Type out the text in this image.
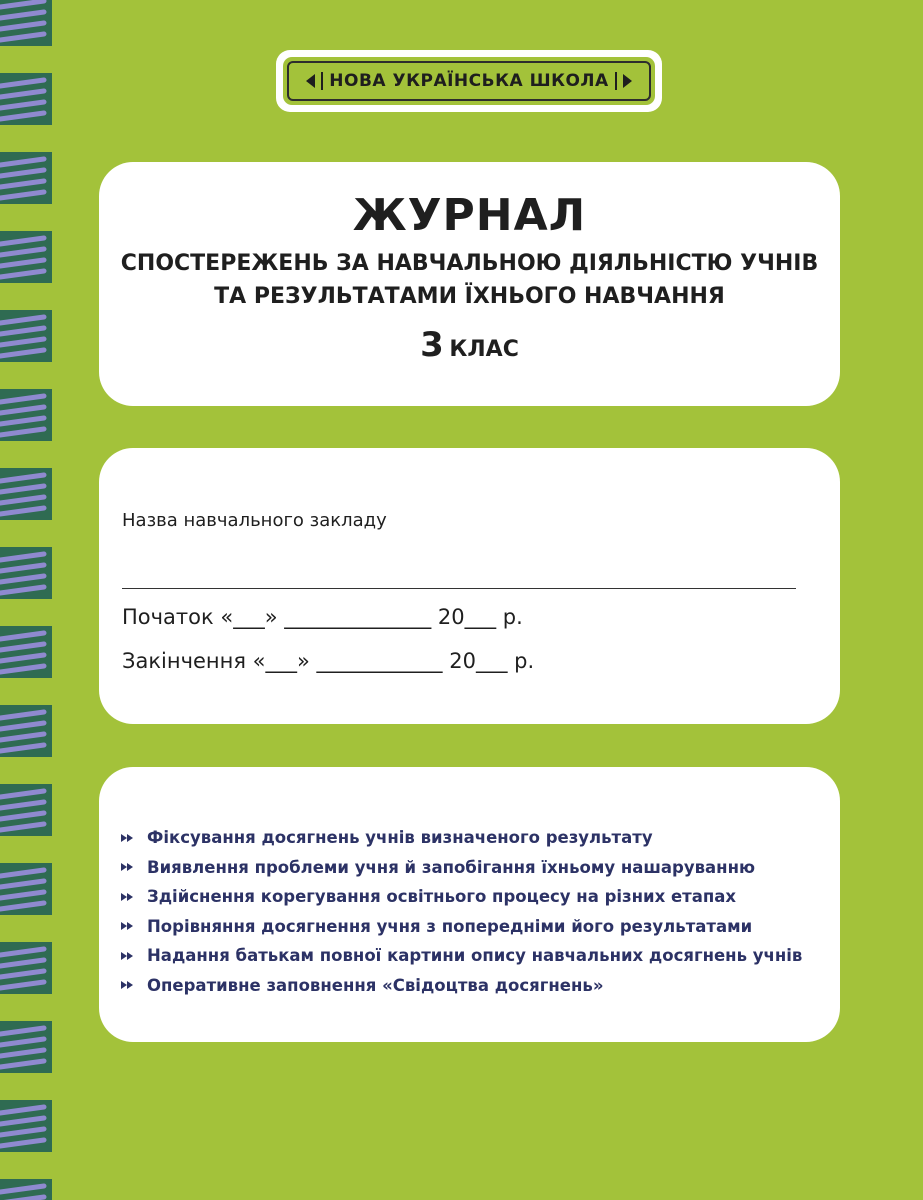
НОВА УКРАЇНСЬКА ШКОЛА
ЖУРНАЛ
СПОСТЕРЕЖЕНЬ ЗА НАВЧАЛЬНОЮ ДІЯЛЬНІСТЮ УЧНІВ
ТА РЕЗУЛЬТАТАМИ ЇХНЬОГО НАВЧАННЯ
3 КЛАС
Назва навчального закладу
Початок «___» ______________ 20___ р.
Закінчення «___» ____________ 20___ р.
Фіксування досягнень учнів визначеного результату
Виявлення проблеми учня й запобігання їхньому нашаруванню
Здійснення корегування освітнього процесу на різних етапах
Порівняння досягнення учня з попередніми його результатами
Надання батькам повної картини опису навчальних досягнень учнів
Оперативне заповнення «Свідоцтва досягнень»
